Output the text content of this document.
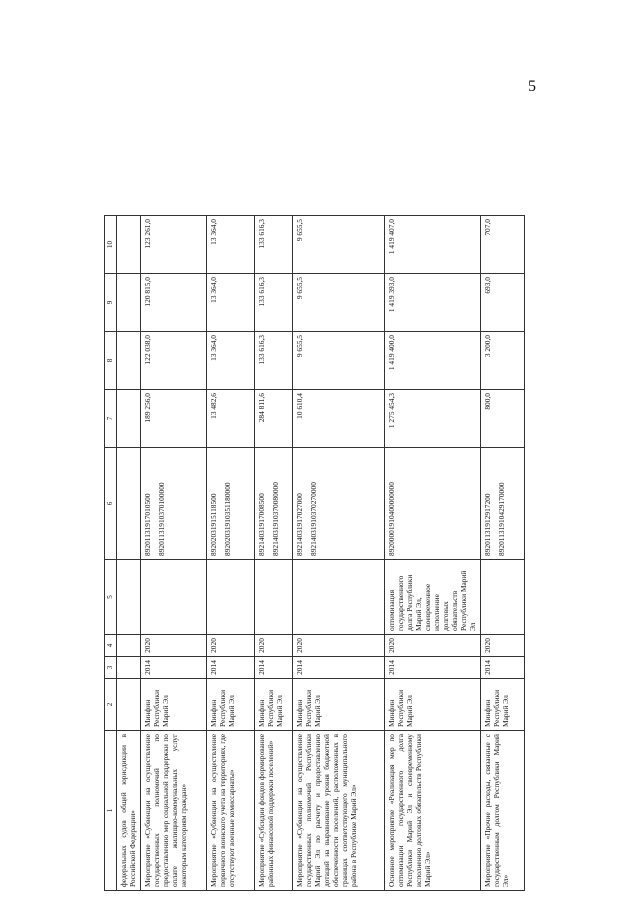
5
1	2	3	4	5	6	7	8	9	10
федеральных судов общей юрисдикции в Российской Федерации»									
Мероприятие «Субвенции на осуществление государственных полномочий по предоставлению мер социальной поддержки по оплате жилищно-коммунальных услуг некоторым категориям граждан»	Минфин Республики Марий Эл	2014	2020		89201131917010500 89201131910370100000	189 256,0	122 038,0	120 815,0	123 261,0
Мероприятие «Субвенции на осуществление первичного воинского учета на территориях, где отсутствуют военные комиссариаты»	Минфин Республики Марий Эл	2014	2020		89202031915118500 89202031910351180000	13 482,6	13 364,0	13 364,0	13 364,0
Мероприятие «Субсидии фондов формирование районных финансовой поддержки поселений»	Минфин Республики Марий Эл	2014	2020		89214031917008500 89214031910370080000	284 811,6	133 616,3	133 616,3	133 616,3
Мероприятие «Субвенции на осуществление государственных полномочий Республики Марий Эл по расчету и предоставлению дотаций на выравнивание уровня бюджетной обеспеченности поселений, расположенных в границах соответствующего муниципального района в Республике Марий Эл»	Минфин Республики Марий Эл	2014	2020		89214031917027000 89214031910370270000	10 610,4	9 655,5	9 655,5	9 655,5
Основное мероприятие «Реализация мер по оптимизации государственного долга Республики Марий Эл и своевременному исполнению долговых обязательств Республики Марий Эл»	Минфин Республики Марий Эл	2014	2020	оптимизация государственного долга Республики Марий Эл, своевременное исполнение долговых обязательств Республики Марий Эл	89200001910400000000	1 275 454,3	1 419 400,0	1 419 393,0	1 419 407,0
Мероприятие «Прочие расходы, связанные с государственным долгом Республики Марий Эл»	Минфин Республики Марий Эл	2014	2020		89201131912917200 89201131910429170000	800,0	3 200,0	693,0	707,0
